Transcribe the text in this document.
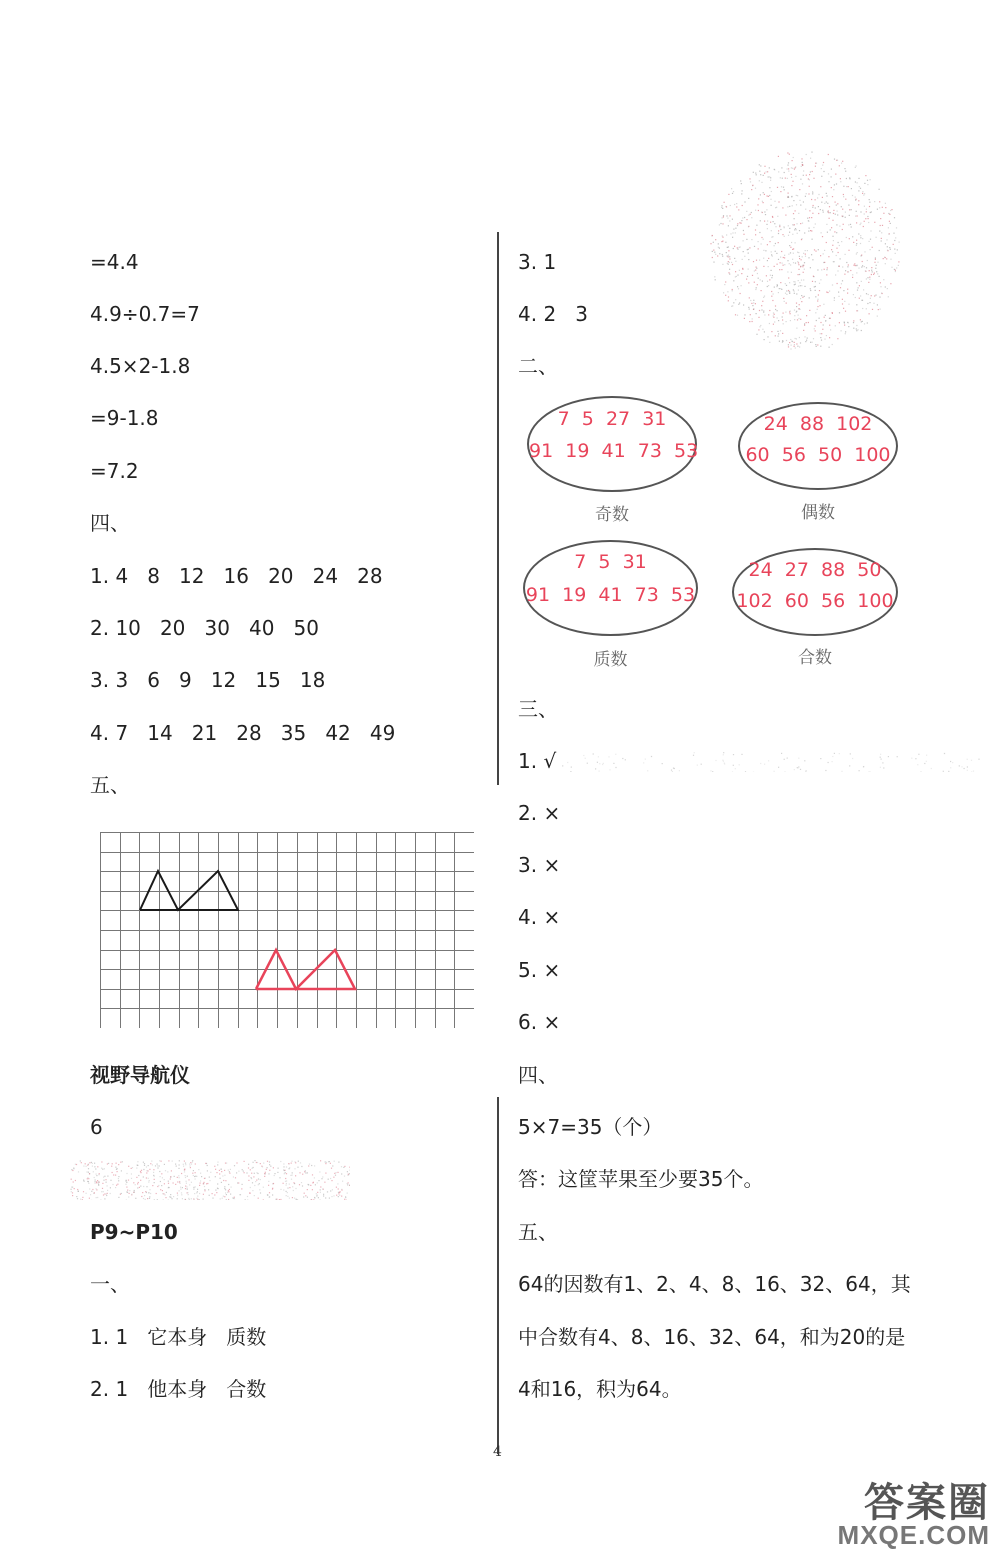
=4.4
4.9÷0.7=7
4.5×2-1.8
=9-1.8
=7.2
四、
1. 4   8   12   16   20   24   28
2. 10   20   30   40   50
3. 3   6   9   12   15   18
4. 7   14   21   28   35   42   49
五、
视野导航仪
6
P9~P10
一、
1. 1   它本身   质数
2. 1   他本身   合数
3. 1
4. 2   3
二、
7  5  27  31
91  19  41  73  53
奇数
24  88  102
60  56  50  100
偶数
7  5  31
91  19  41  73  53
质数
24  27  88  50
102  60  56  100
合数
三、
1. √
2. ×
3. ×
4. ×
5. ×
6. ×
四、
5×7=35（个）
答：这筐苹果至少要35个。
五、
64的因数有1、2、4、8、16、32、64，其
中合数有4、8、16、32、64，和为20的是
4和16，积为64。
4
答案圈
MXQE.COM
